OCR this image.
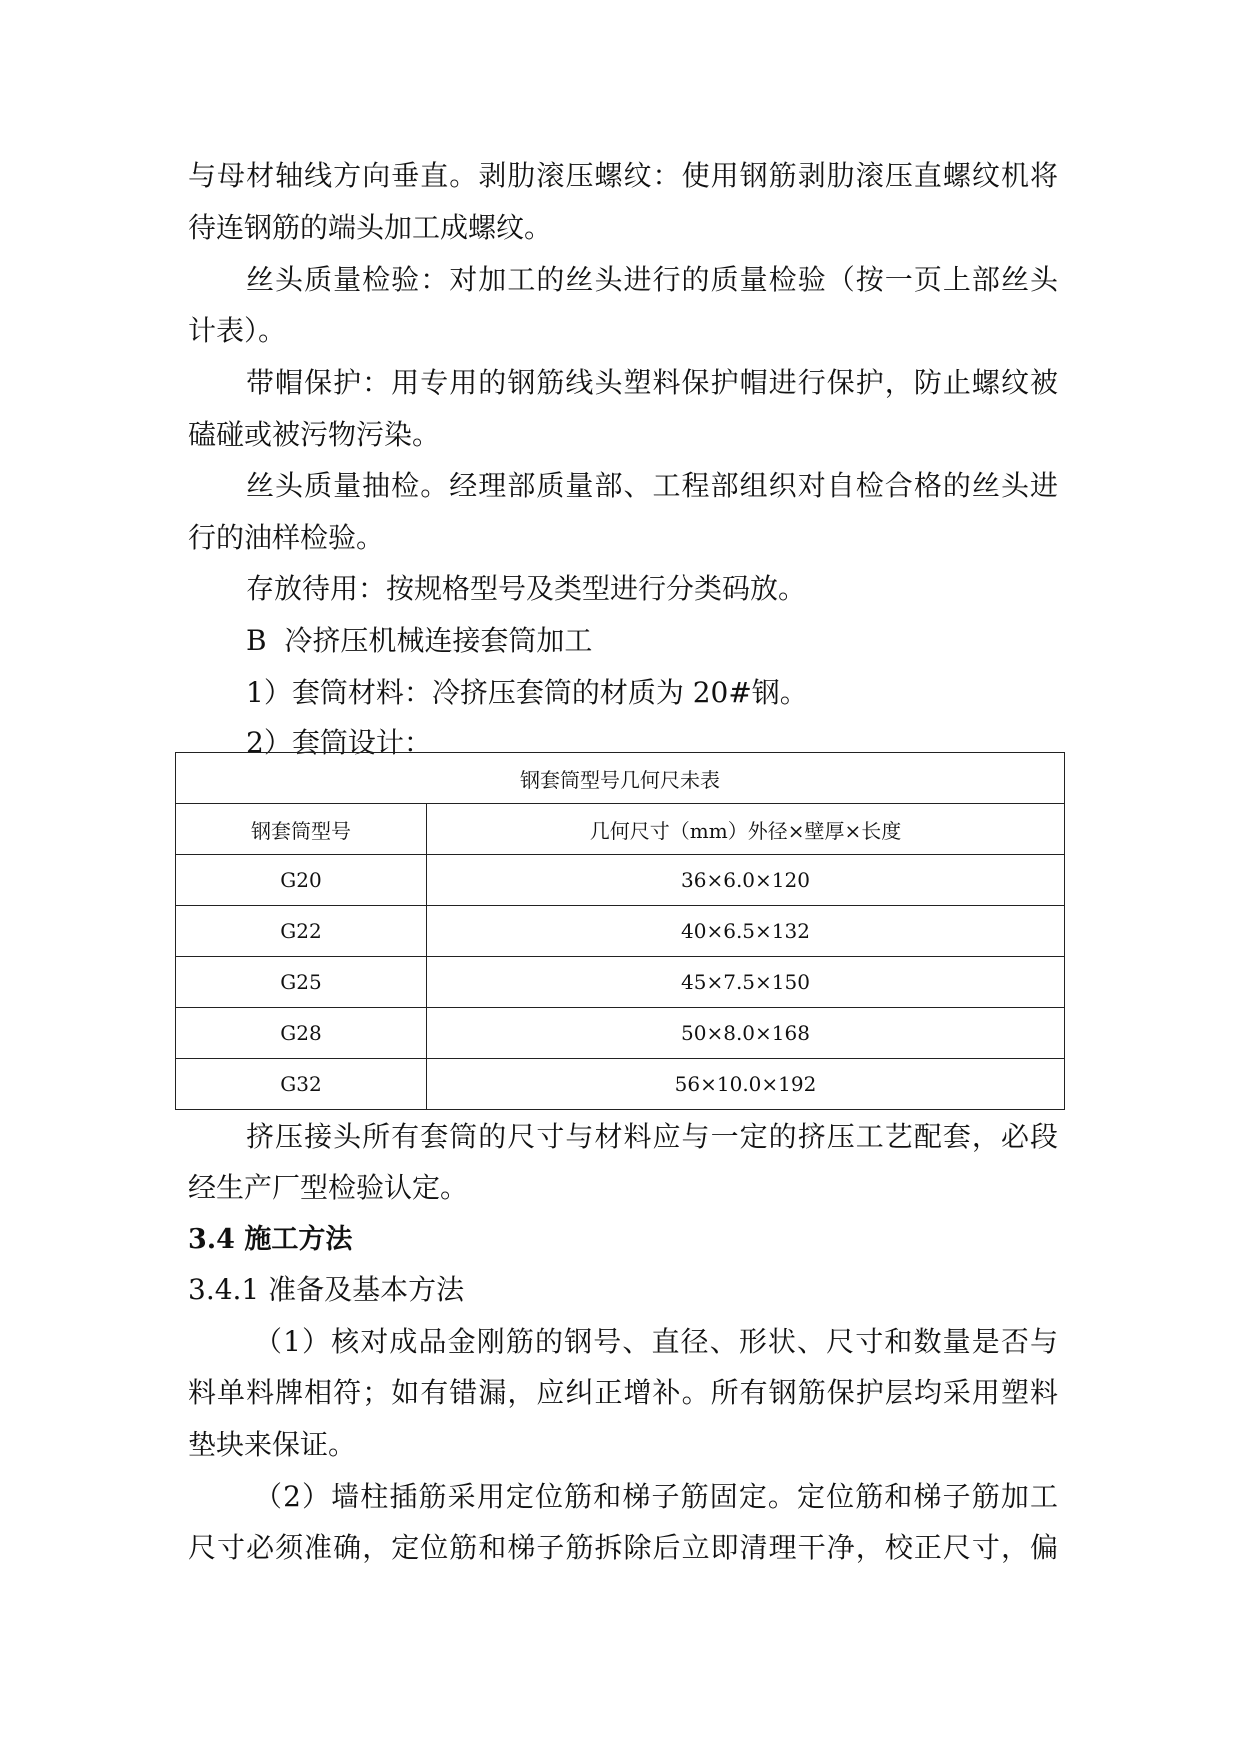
与母材轴线方向垂直。剥肋滚压螺纹：使用钢筋剥肋滚压直螺纹机将
待连钢筋的端头加工成螺纹。
丝头质量检验：对加工的丝头进行的质量检验（按一页上部丝头
计表）。
带帽保护：用专用的钢筋线头塑料保护帽进行保护，防止螺纹被
磕碰或被污物污染。
丝头质量抽检。经理部质量部、工程部组织对自检合格的丝头进
行的油样检验。
存放待用：按规格型号及类型进行分类码放。
B  冷挤压机械连接套筒加工
1）套筒材料：冷挤压套筒的材质为 20#钢。
2）套筒设计：
钢套筒型号几何尺未表	
钢套筒型号	几何尺寸（mm）外径×壁厚×长度
G20	36×6.0×120
G22	40×6.5×132
G25	45×7.5×150
G28	50×8.0×168
G32	56×10.0×192
挤压接头所有套筒的尺寸与材料应与一定的挤压工艺配套，必段
经生产厂型检验认定。
3.4 施工方法
3.4.1 准备及基本方法
（1）核对成品金刚筋的钢号、直径、形状、尺寸和数量是否与
料单料牌相符；如有错漏，应纠正增补。所有钢筋保护层均采用塑料
垫块来保证。
（2）墙柱插筋采用定位筋和梯子筋固定。定位筋和梯子筋加工
尺寸必须准确，定位筋和梯子筋拆除后立即清理干净，校正尺寸，偏
